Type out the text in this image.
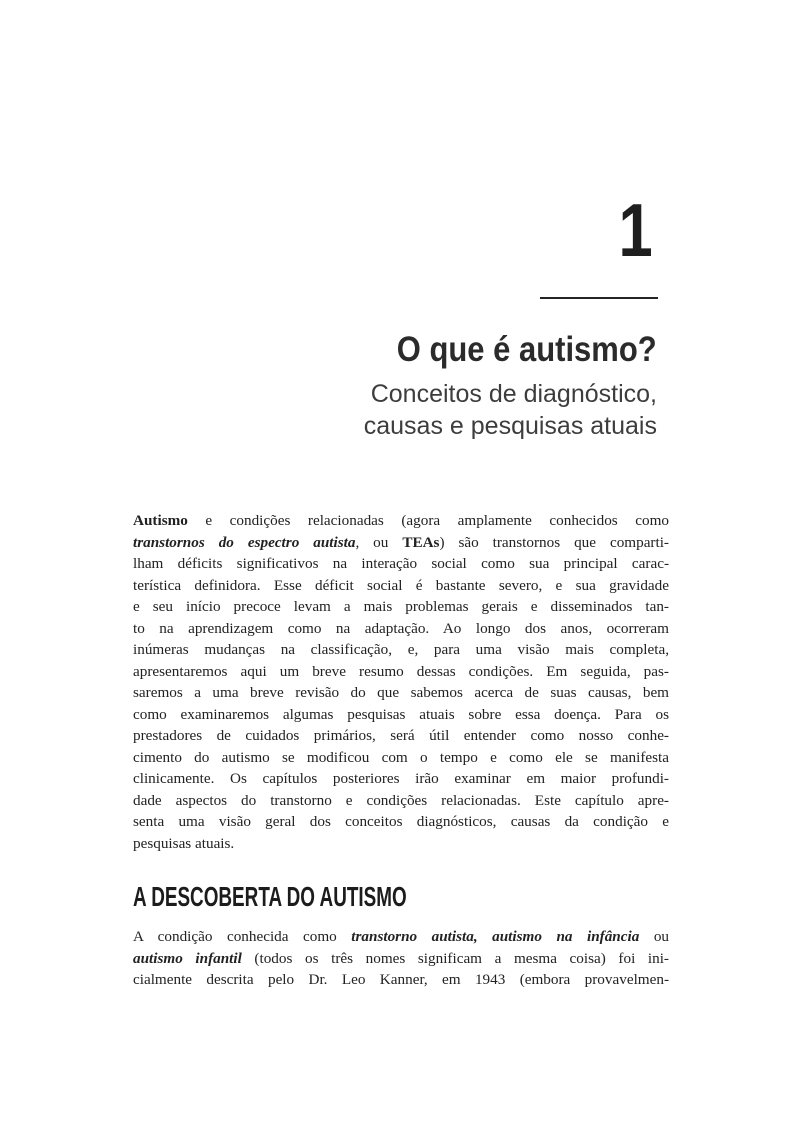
1
O que é autismo?
Conceitos de diagnóstico,
causas e pesquisas atuais
Autismo e condições relacionadas (agora amplamente conhecidos como
transtornos do espectro autista, ou TEAs) são transtornos que comparti-
lham déficits significativos na interação social como sua principal carac-
terística definidora. Esse déficit social é bastante severo, e sua gravidade
e seu início precoce levam a mais problemas gerais e disseminados tan-
to na aprendizagem como na adaptação. Ao longo dos anos, ocorreram
inúmeras mudanças na classificação, e, para uma visão mais completa,
apresentaremos aqui um breve resumo dessas condições. Em seguida, pas-
saremos a uma breve revisão do que sabemos acerca de suas causas, bem
como examinaremos algumas pesquisas atuais sobre essa doença. Para os
prestadores de cuidados primários, será útil entender como nosso conhe-
cimento do autismo se modificou com o tempo e como ele se manifesta
clinicamente. Os capítulos posteriores irão examinar em maior profundi-
dade aspectos do transtorno e condições relacionadas. Este capítulo apre-
senta uma visão geral dos conceitos diagnósticos, causas da condição e
pesquisas atuais.
A DESCOBERTA DO AUTISMO
A condição conhecida como transtorno autista, autismo na infância ou
autismo infantil (todos os três nomes significam a mesma coisa) foi ini-
cialmente descrita pelo Dr. Leo Kanner, em 1943 (embora provavelmen-
